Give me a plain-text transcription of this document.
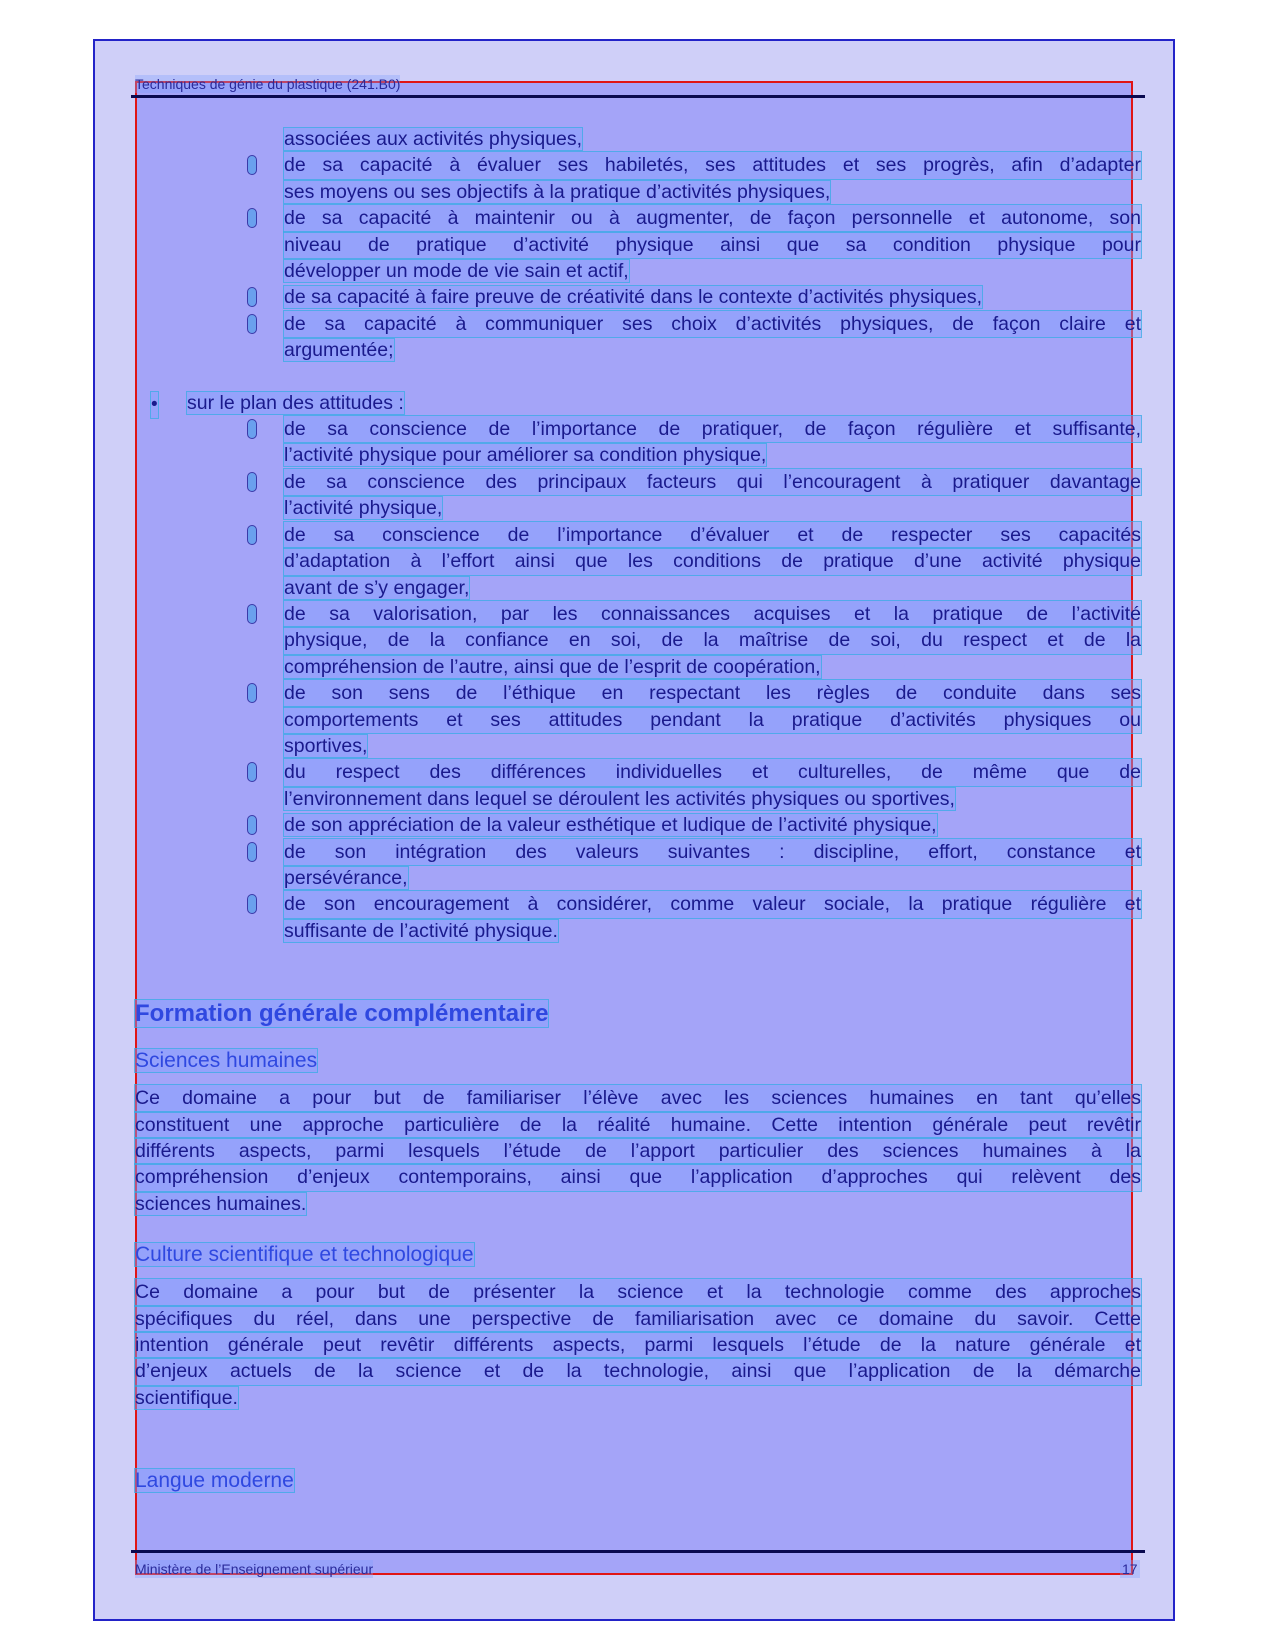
Techniques de génie du plastique (241.B0)
associées aux activités physiques,
de sa capacité à évaluer ses habiletés, ses attitudes et ses progrès, afin d’adapter
ses moyens ou ses objectifs à la pratique d’activités physiques,
de sa capacité à maintenir ou à augmenter, de façon personnelle et autonome, son
niveau de pratique d’activité physique ainsi que sa condition physique pour
développer un mode de vie sain et actif,
de sa capacité à faire preuve de créativité dans le contexte d’activités physiques,
de sa capacité à communiquer ses choix d’activités physiques, de façon claire et
argumentée;
• sur le plan des attitudes :
de sa conscience de l’importance de pratiquer, de façon régulière et suffisante,
l’activité physique pour améliorer sa condition physique,
de sa conscience des principaux facteurs qui l’encouragent à pratiquer davantage
l’activité physique,
de sa conscience de l’importance d’évaluer et de respecter ses capacités
d’adaptation à l’effort ainsi que les conditions de pratique d’une activité physique
avant de s’y engager,
de sa valorisation, par les connaissances acquises et la pratique de l’activité
physique, de la confiance en soi, de la maîtrise de soi, du respect et de la
compréhension de l’autre, ainsi que de l’esprit de coopération,
de son sens de l’éthique en respectant les règles de conduite dans ses
comportements et ses attitudes pendant la pratique d’activités physiques ou
sportives,
du respect des différences individuelles et culturelles, de même que de
l’environnement dans lequel se déroulent les activités physiques ou sportives,
de son appréciation de la valeur esthétique et ludique de l’activité physique,
de son intégration des valeurs suivantes : discipline, effort, constance et
persévérance,
de son encouragement à considérer, comme valeur sociale, la pratique régulière et
suffisante de l’activité physique.
Formation générale complémentaire
Sciences humaines
Ce domaine a pour but de familiariser l’élève avec les sciences humaines en tant qu’elles
constituent une approche particulière de la réalité humaine. Cette intention générale peut revêtir
différents aspects, parmi lesquels l’étude de l’apport particulier des sciences humaines à la
compréhension d’enjeux contemporains, ainsi que l’application d’approches qui relèvent des
sciences humaines.
Culture scientifique et technologique
Ce domaine a pour but de présenter la science et la technologie comme des approches
spécifiques du réel, dans une perspective de familiarisation avec ce domaine du savoir. Cette
intention générale peut revêtir différents aspects, parmi lesquels l’étude de la nature générale et
d’enjeux actuels de la science et de la technologie, ainsi que l’application de la démarche
scientifique.
Langue moderne
Ministère de l’Enseignement supérieur	17
